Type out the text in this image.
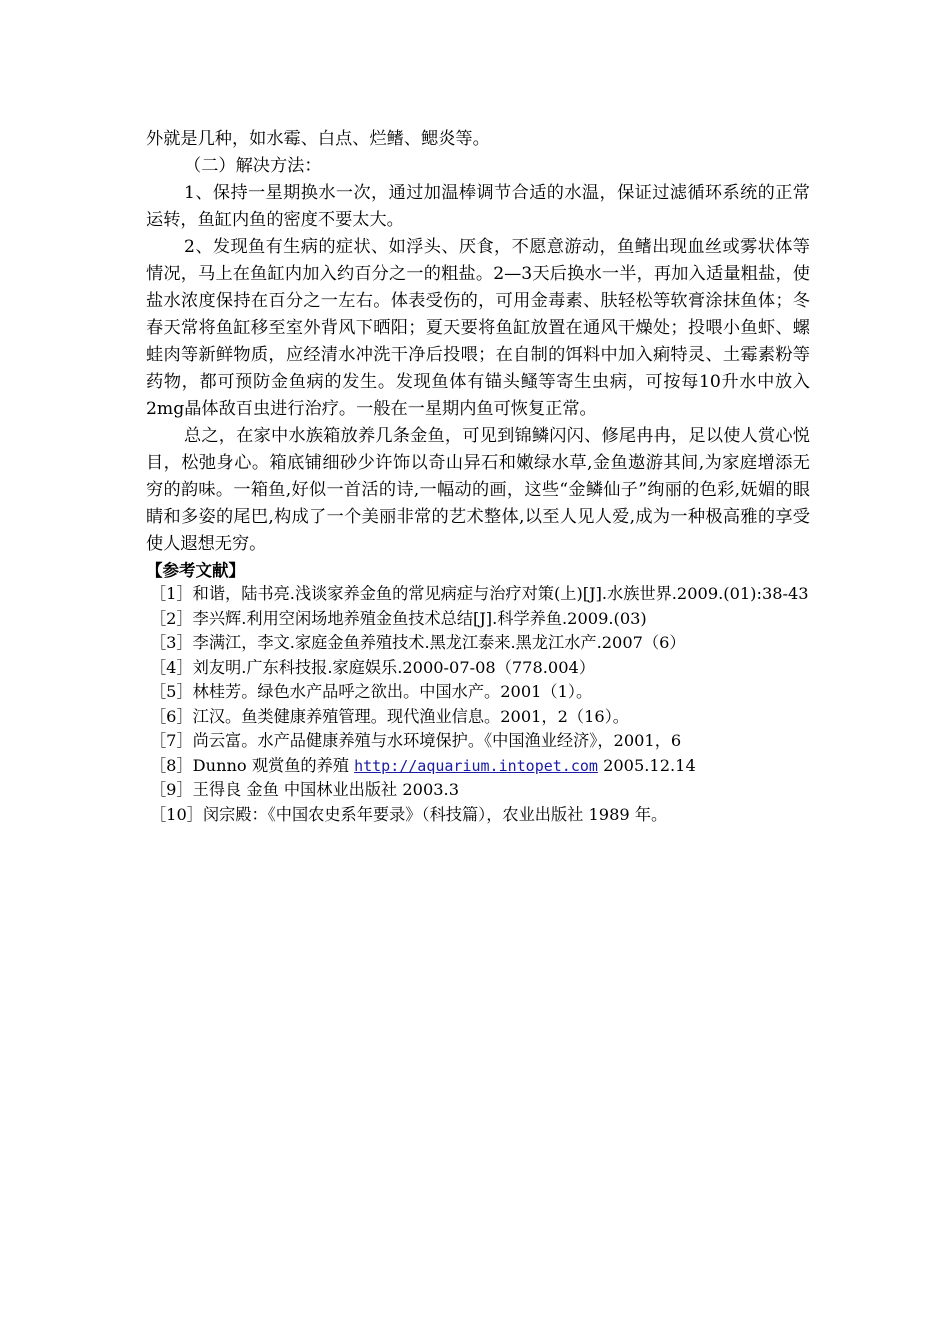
外就是几种，如水霉、白点、烂鳍、鳃炎等。

（二）解决方法：

1、保持一星期换水一次，通过加温棒调节合适的水温，保证过滤循环系统的正常运转，鱼缸内鱼的密度不要太大。

2、发现鱼有生病的症状、如浮头、厌食，不愿意游动，鱼鳍出现血丝或雾状体等情况，马上在鱼缸内加入约百分之一的粗盐。2—3天后换水一半，再加入适量粗盐，使盐水浓度保持在百分之一左右。体表受伤的，可用金毒素、肤轻松等软膏涂抹鱼体；冬春天常将鱼缸移至室外背风下晒阳；夏天要将鱼缸放置在通风干燥处；投喂小鱼虾、螺蛙肉等新鲜物质，应经清水冲洗干净后投喂；在自制的饵料中加入痢特灵、土霉素粉等药物，都可预防金鱼病的发生。发现鱼体有锚头鳋等寄生虫病，可按每10升水中放入2mg晶体敌百虫进行治疗。一般在一星期内鱼可恢复正常。

总之，在家中水族箱放养几条金鱼，可见到锦鳞闪闪、修尾冉冉，足以使人赏心悦目，松弛身心。箱底铺细砂少许饰以奇山异石和嫩绿水草,金鱼遨游其间,为家庭增添无穷的韵味。一箱鱼,好似一首活的诗,一幅动的画，这些“金鳞仙子”绚丽的色彩,妩媚的眼睛和多姿的尾巴,构成了一个美丽非常的艺术整体,以至人见人爱,成为一种极高雅的享受使人遐想无穷。

【参考文献】

［1］和谐，陆书亮.浅谈家养金鱼的常见病症与治疗对策(上)[J].水族世界.2009.(01):38-43

［2］李兴辉.利用空闲场地养殖金鱼技术总结[J].科学养鱼.2009.(03)

［3］李满江，李文.家庭金鱼养殖技术.黑龙江泰来.黑龙江水产.2007（6）

［4］刘友明.广东科技报.家庭娱乐.2000-07-08（778.004）

［5］林桂芳。绿色水产品呼之欲出。中国水产。2001（1）。

［6］江汉。鱼类健康养殖管理。现代渔业信息。2001，2（16）。

［7］尚云富。水产品健康养殖与水环境保护。《中国渔业经济》，2001，6

［8］Dunno 观赏鱼的养殖 http://aquarium.intopet.com 2005.12.14

［9］王得良 金鱼 中国林业出版社 2003.3

［10］闵宗殿：《中国农史系年要录》（科技篇），农业出版社 1989 年。
